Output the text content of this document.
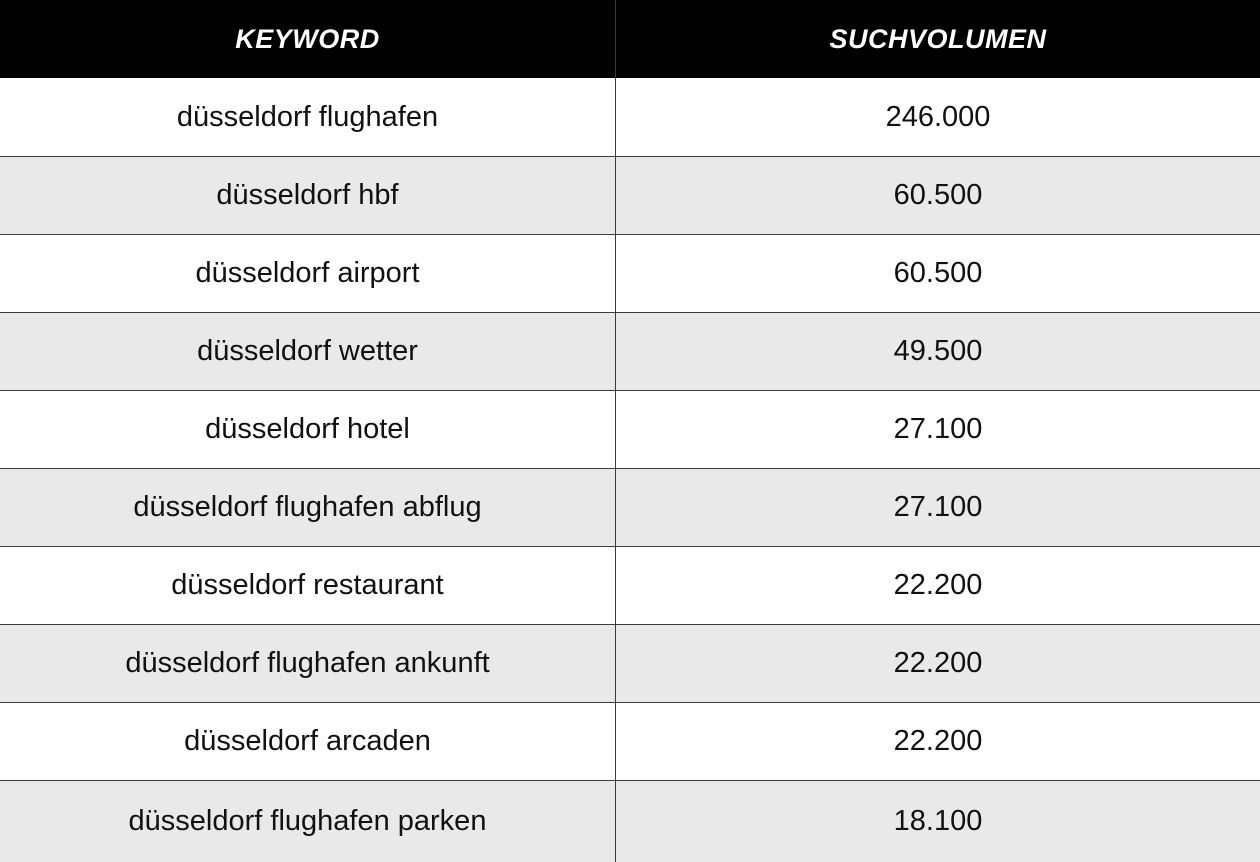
KEYWORD	SUCHVOLUMEN
düsseldorf flughafen	246.000
düsseldorf hbf	60.500
düsseldorf airport	60.500
düsseldorf wetter	49.500
düsseldorf hotel	27.100
düsseldorf flughafen abflug	27.100
düsseldorf restaurant	22.200
düsseldorf flughafen ankunft	22.200
düsseldorf arcaden	22.200
düsseldorf flughafen parken	18.100
